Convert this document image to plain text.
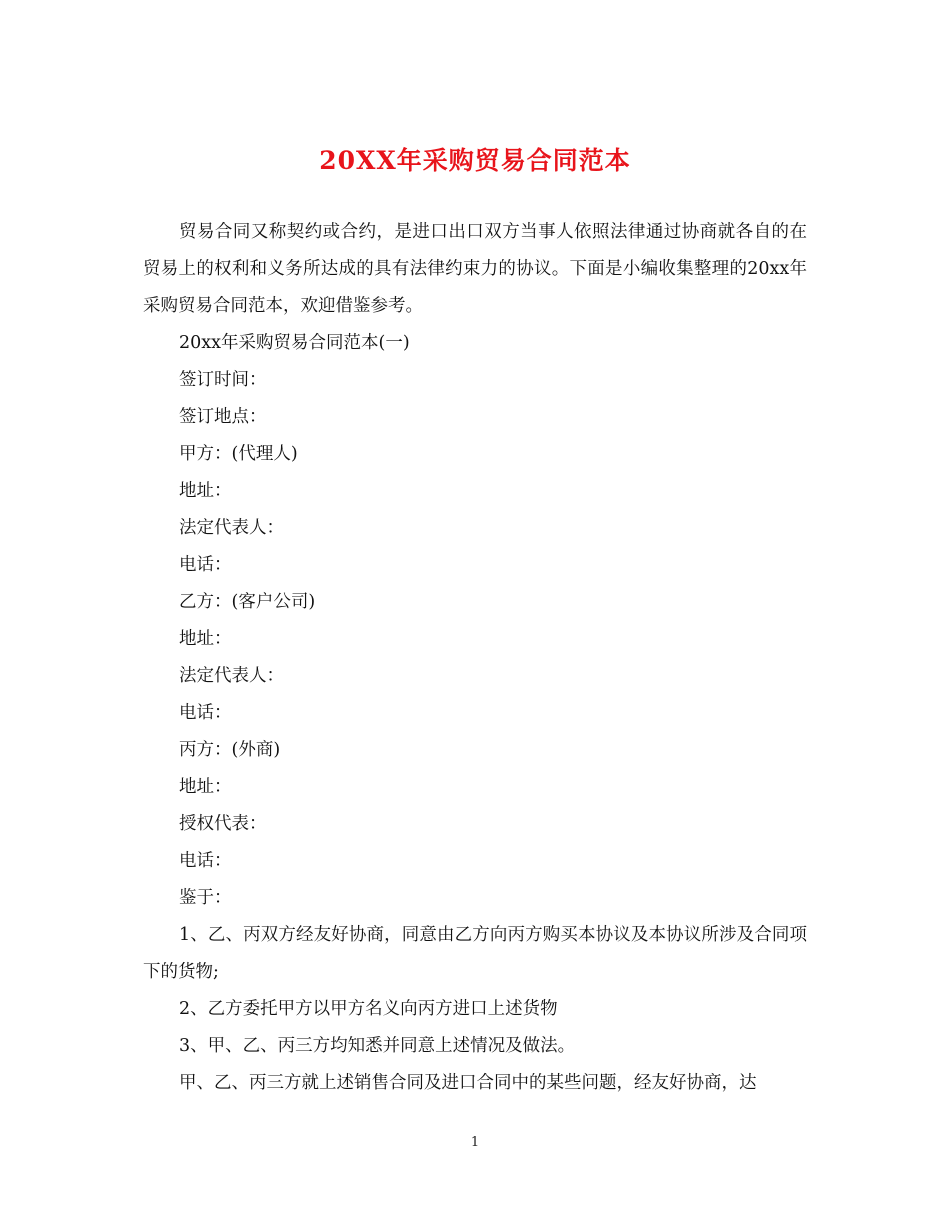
20XX年采购贸易合同范本

贸易合同又称契约或合约，是进口出口双方当事人依照法律通过协商就各自的在贸易上的权利和义务所达成的具有法律约束力的协议。下面是小编收集整理的20xx年采购贸易合同范本，欢迎借鉴参考。

20xx年采购贸易合同范本(一)

签订时间：

签订地点：

甲方：(代理人)

地址：

法定代表人：

电话：

乙方：(客户公司)

地址：

法定代表人：

电话：

丙方：(外商)

地址：

授权代表：

电话：

鉴于：

1、乙、丙双方经友好协商，同意由乙方向丙方购买本协议及本协议所涉及合同项下的货物;

2、乙方委托甲方以甲方名义向丙方进口上述货物

3、甲、乙、丙三方均知悉并同意上述情况及做法。

甲、乙、丙三方就上述销售合同及进口合同中的某些问题，经友好协商，达

1
